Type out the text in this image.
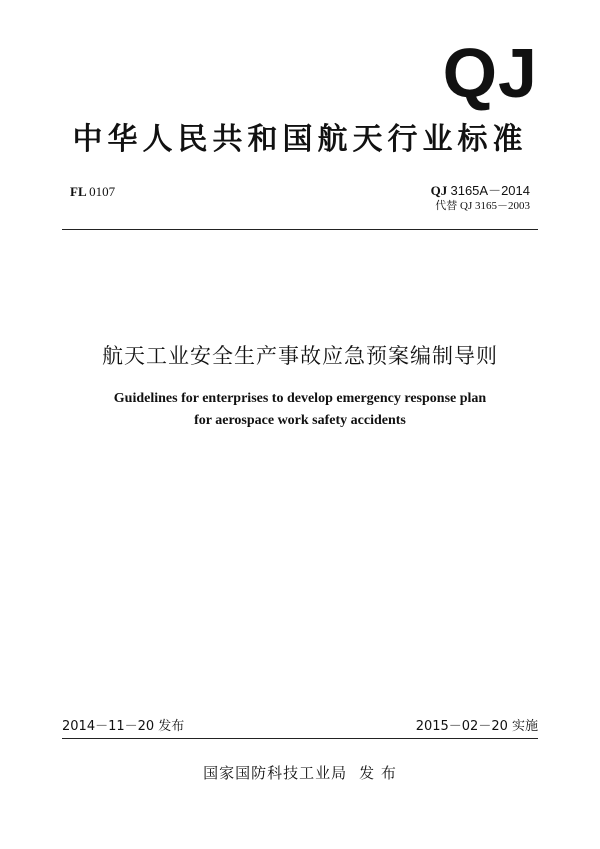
QJ
中华人民共和国航天行业标准
FL 0107	QJ 3165A－2014
代替 QJ 3165－2003
航天工业安全生产事故应急预案编制导则
Guidelines for enterprises to develop emergency response plan
for aerospace work safety accidents
2014－11－20 发布	2015－02－20 实施
国家国防科技工业局 发 布
